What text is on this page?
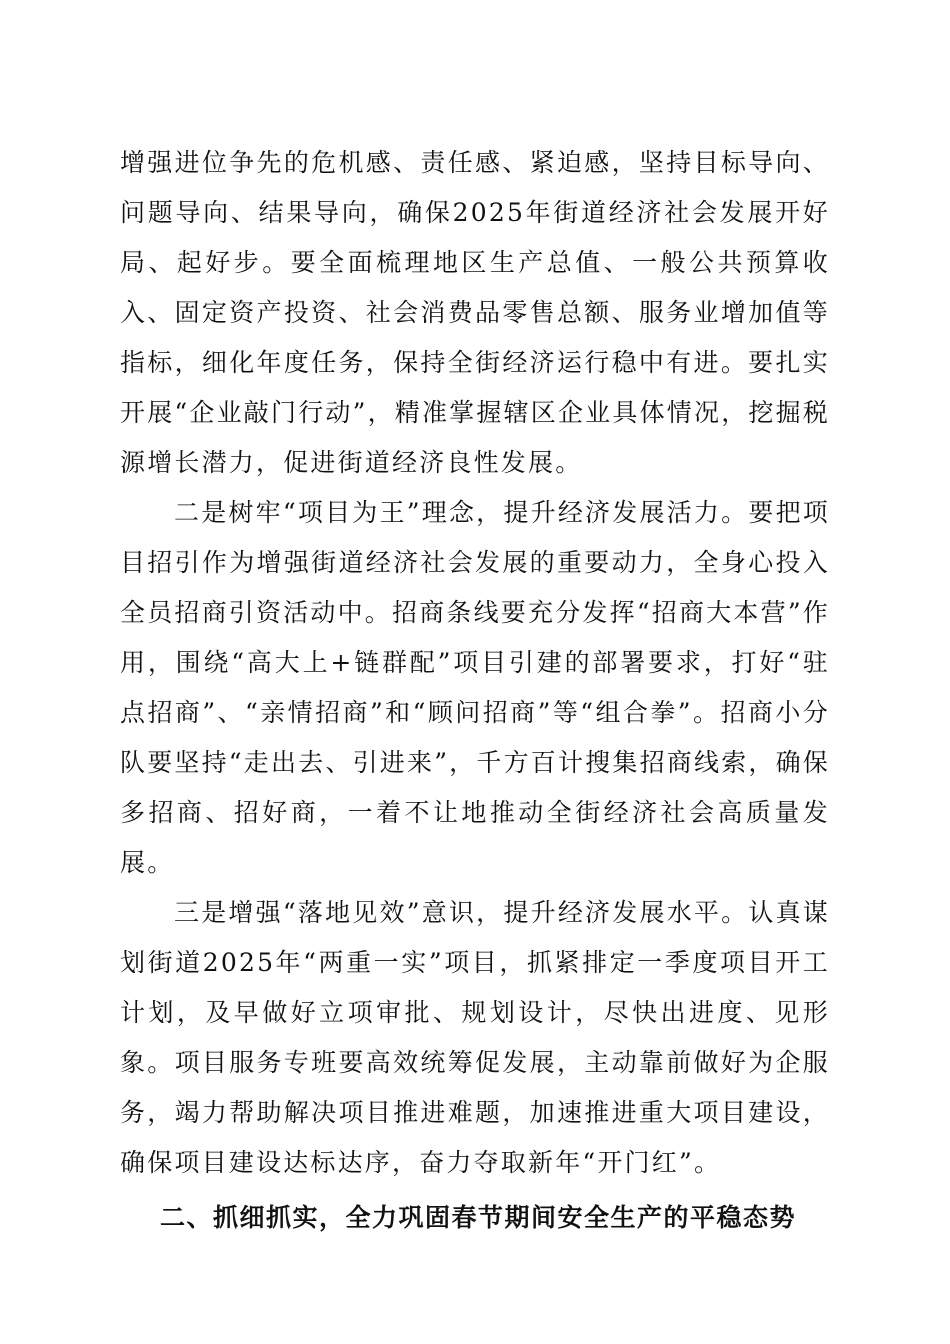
增强进位争先的危机感、责任感、紧迫感，坚持目标导向、问题导向、结果导向，确保2025年街道经济社会发展开好局、起好步。要全面梳理地区生产总值、一般公共预算收入、固定资产投资、社会消费品零售总额、服务业增加值等指标，细化年度任务，保持全街经济运行稳中有进。要扎实开展“企业敲门行动”，精准掌握辖区企业具体情况，挖掘税源增长潜力，促进街道经济良性发展。

二是树牢“项目为王”理念，提升经济发展活力。要把项目招引作为增强街道经济社会发展的重要动力，全身心投入全员招商引资活动中。招商条线要充分发挥“招商大本营”作用，围绕“高大上+链群配”项目引建的部署要求，打好“驻点招商”、“亲情招商”和“顾问招商”等“组合拳”。招商小分队要坚持“走出去、引进来”，千方百计搜集招商线索，确保多招商、招好商，一着不让地推动全街经济社会高质量发展。

三是增强“落地见效”意识，提升经济发展水平。认真谋划街道2025年“两重一实”项目，抓紧排定一季度项目开工计划，及早做好立项审批、规划设计，尽快出进度、见形象。项目服务专班要高效统筹促发展，主动靠前做好为企服务，竭力帮助解决项目推进难题，加速推进重大项目建设，确保项目建设达标达序，奋力夺取新年“开门红”。

二、抓细抓实，全力巩固春节期间安全生产的平稳态势
